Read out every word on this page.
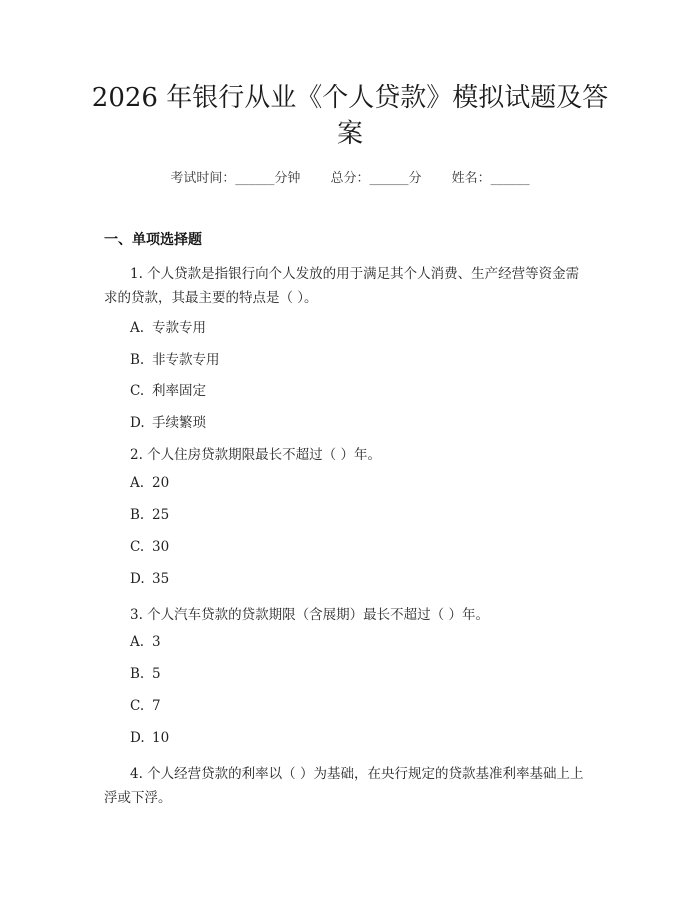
2026 年银行从业《个人贷款》模拟试题及答
案
考试时间：______分钟 总分：______分 姓名：______
一、单项选择题
1. 个人贷款是指银行向个人发放的用于满足其个人消费、生产经营等资金需
求的贷款，其最主要的特点是（ ）。
A. 专款专用
B. 非专款专用
C. 利率固定
D. 手续繁琐
2. 个人住房贷款期限最长不超过（ ）年。
A. 20
B. 25
C. 30
D. 35
3. 个人汽车贷款的贷款期限（含展期）最长不超过（ ）年。
A. 3
B. 5
C. 7
D. 10
4. 个人经营贷款的利率以（ ）为基础，在央行规定的贷款基准利率基础上上
浮或下浮。
